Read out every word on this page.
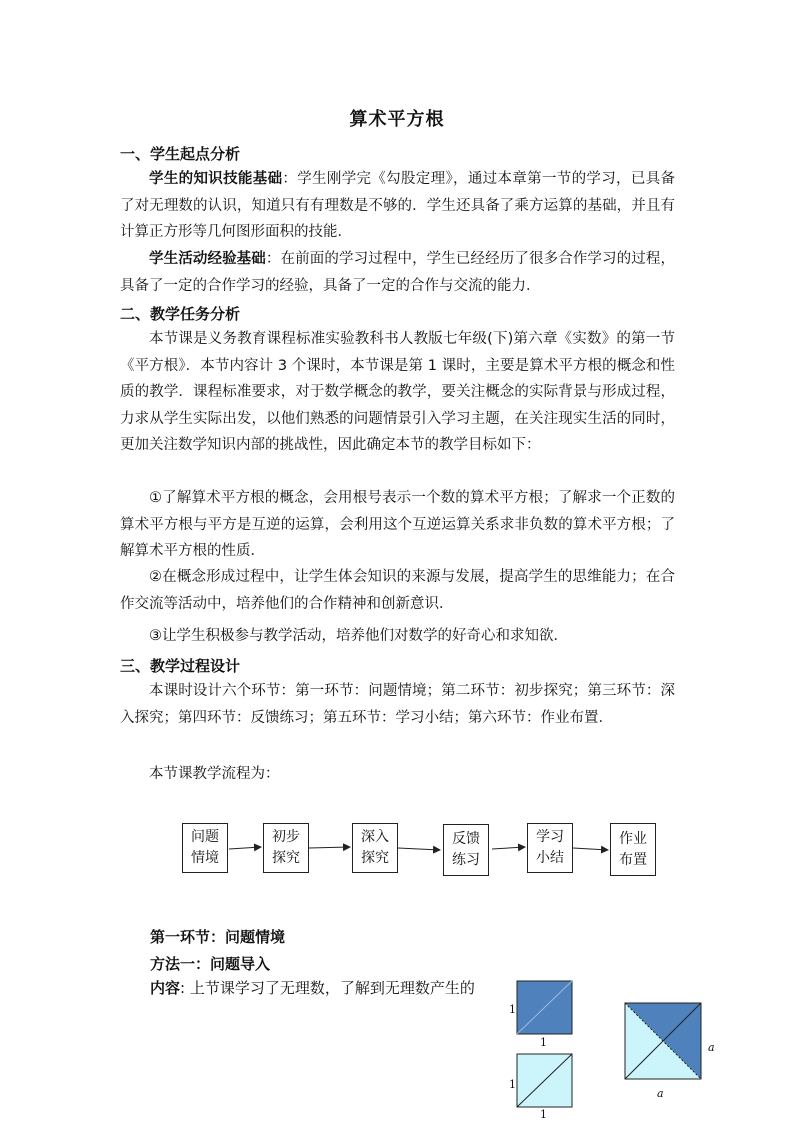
算术平方根
一、学生起点分析
学生的知识技能基础：学生刚学完《勾股定理》，通过本章第一节的学习，已具备了对无理数的认识，知道只有有理数是不够的．学生还具备了乘方运算的基础，并且有计算正方形等几何图形面积的技能．
学生活动经验基础：在前面的学习过程中，学生已经经历了很多合作学习的过程，具备了一定的合作学习的经验，具备了一定的合作与交流的能力．
二、教学任务分析
本节课是义务教育课程标准实验教科书人教版七年级(下)第六章《实数》的第一节《平方根》．本节内容计 3 个课时，本节课是第 1 课时，主要是算术平方根的概念和性质的教学．课程标准要求，对于数学概念的教学，要关注概念的实际背景与形成过程，力求从学生实际出发，以他们熟悉的问题情景引入学习主题，在关注现实生活的同时，更加关注数学知识内部的挑战性，因此确定本节的教学目标如下：
①了解算术平方根的概念，会用根号表示一个数的算术平方根；了解求一个正数的算术平方根与平方是互逆的运算，会利用这个互逆运算关系求非负数的算术平方根；了解算术平方根的性质．
②在概念形成过程中，让学生体会知识的来源与发展，提高学生的思维能力；在合作交流等活动中，培养他们的合作精神和创新意识．
③让学生积极参与教学活动，培养他们对数学的好奇心和求知欲．
三、教学过程设计
本课时设计六个环节：第一环节：问题情境；第二环节：初步探究；第三环节：深入探究；第四环节：反馈练习；第五环节：学习小结；第六环节：作业布置．
本节课教学流程为：
问题
情境
初步
探究
深入
探究
反馈
练习
学习
小结
作业
布置
第一环节：问题情境
方法一：问题导入
内容: 上节课学习了无理数，了解到无理数产生的
1
1
1
1
a
a
